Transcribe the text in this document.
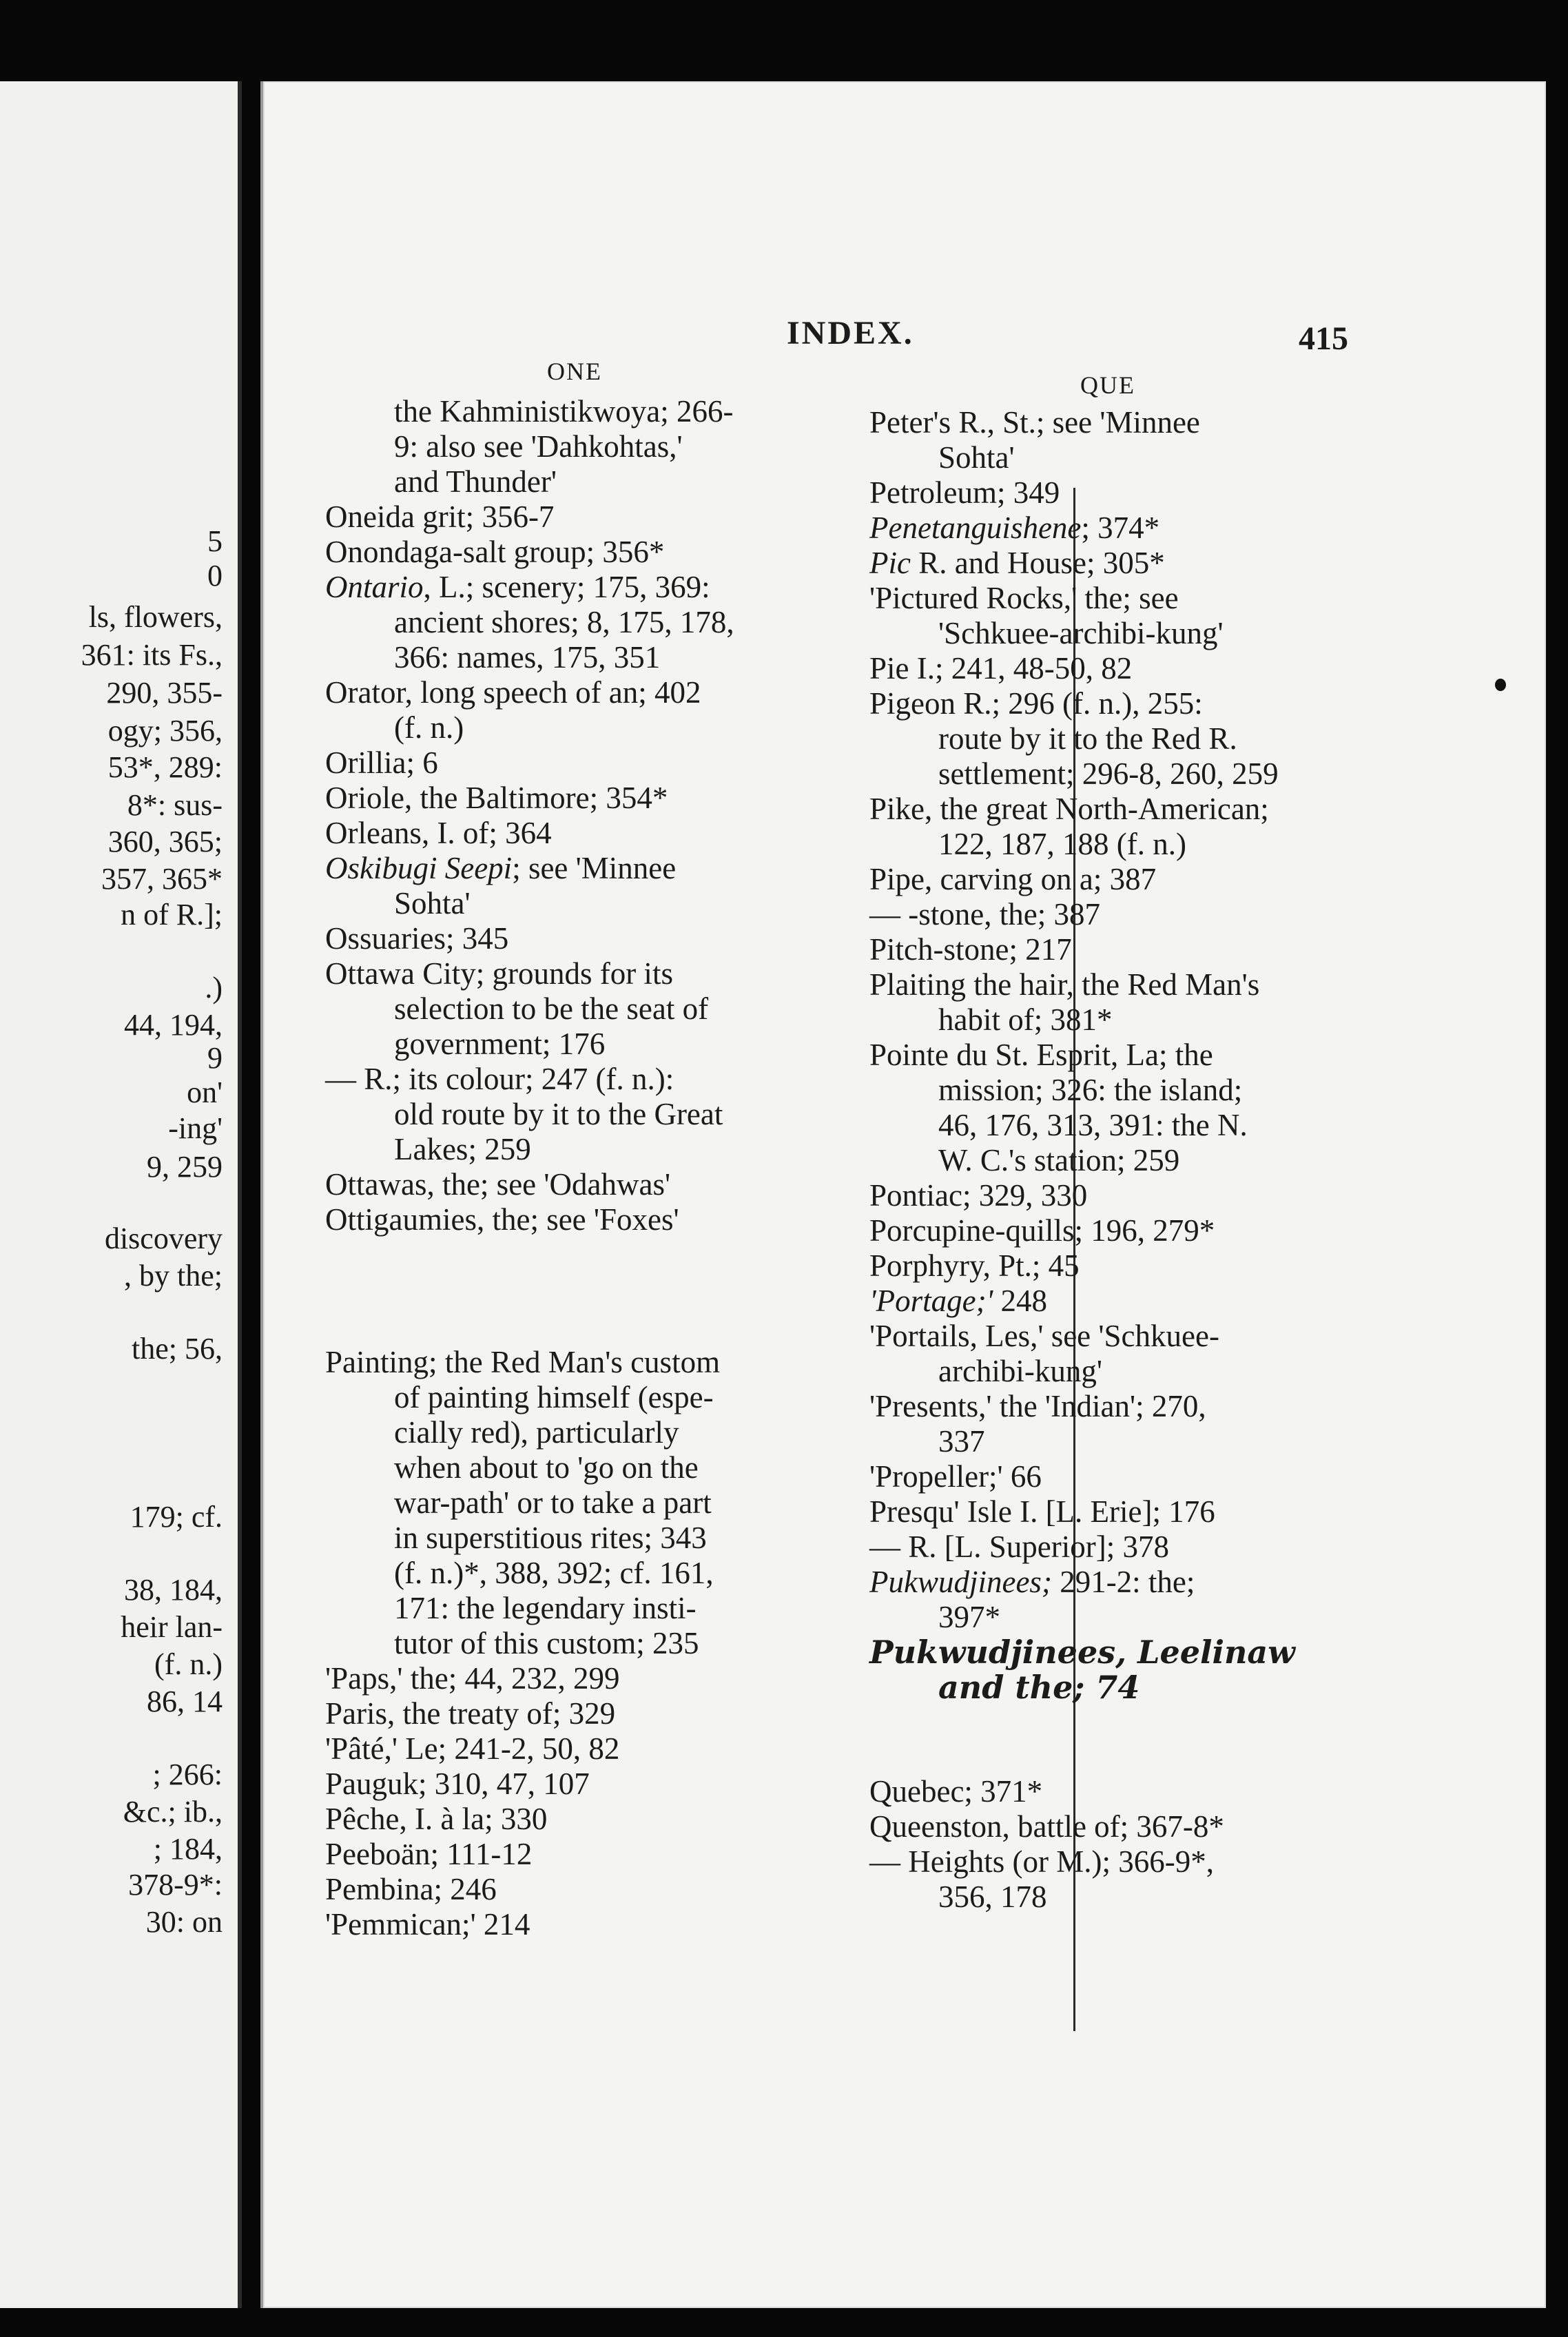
5
0
ls, flowers,
361: its Fs.,
290, 355-
ogy; 356,
53*, 289:
8*: sus-
360, 365;
357, 365*
n of R.];
.)
44, 194,
9
on'
-ing'
9, 259
discovery
, by the;
the; 56,
179; cf.
38, 184,
heir lan-
(f. n.)
86, 14
; 266:
&c.; ib.,
; 184,
378-9*:
30: on
INDEX.	415
ONE	QUE
the Kahministikwoya; 266-
9: also see 'Dahkohtas,'
and Thunder'
Oneida grit; 356-7
Onondaga-salt group; 356*
Ontario, L.; scenery; 175, 369:
ancient shores; 8, 175, 178,
366: names, 175, 351
Orator, long speech of an; 402
(f. n.)
Orillia; 6
Oriole, the Baltimore; 354*
Orleans, I. of; 364
Oskibugi Seepi; see 'Minnee
Sohta'
Ossuaries; 345
Ottawa City; grounds for its
selection to be the seat of
government; 176
— R.; its colour; 247 (f. n.):
old route by it to the Great
Lakes; 259
Ottawas, the; see 'Odahwas'
Ottigaumies, the; see 'Foxes'
Painting; the Red Man's custom
of painting himself (espe-
cially red), particularly
when about to 'go on the
war-path' or to take a part
in superstitious rites; 343
(f. n.)*, 388, 392; cf. 161,
171: the legendary insti-
tutor of this custom; 235
'Paps,' the; 44, 232, 299
Paris, the treaty of; 329
'Pâté,' Le; 241-2, 50, 82
Pauguk; 310, 47, 107
Pêche, I. à la; 330
Peeboän; 111-12
Pembina; 246
'Pemmican;' 214
Peter's R., St.; see 'Minnee
Sohta'
Petroleum; 349
Penetanguishene; 374*
Pic R. and House; 305*
'Pictured Rocks,' the; see
'Schkuee-archibi-kung'
Pie I.; 241, 48-50, 82
Pigeon R.; 296 (f. n.), 255:
route by it to the Red R.
settlement; 296-8, 260, 259
Pike, the great North-American;
122, 187, 188 (f. n.)
Pipe, carving on a; 387
— -stone, the; 387
Pitch-stone; 217
Plaiting the hair, the Red Man's
habit of; 381*
Pointe du St. Esprit, La; the
mission; 326: the island;
46, 176, 313, 391: the N.
W. C.'s station; 259
Pontiac; 329, 330
Porcupine-quills; 196, 279*
Porphyry, Pt.; 45
'Portage;' 248
'Portails, Les,' see 'Schkuee-
archibi-kung'
'Presents,' the 'Indian'; 270,
337
'Propeller;' 66
Presqu' Isle I. [L. Erie]; 176
— R. [L. Superior]; 378
Pukwudjinees; 291-2: the;
397*
Pukwudjinees, Leelinaw
and the; 74
Quebec; 371*
Queenston, battle of; 367-8*
— Heights (or M.); 366-9*,
356, 178
